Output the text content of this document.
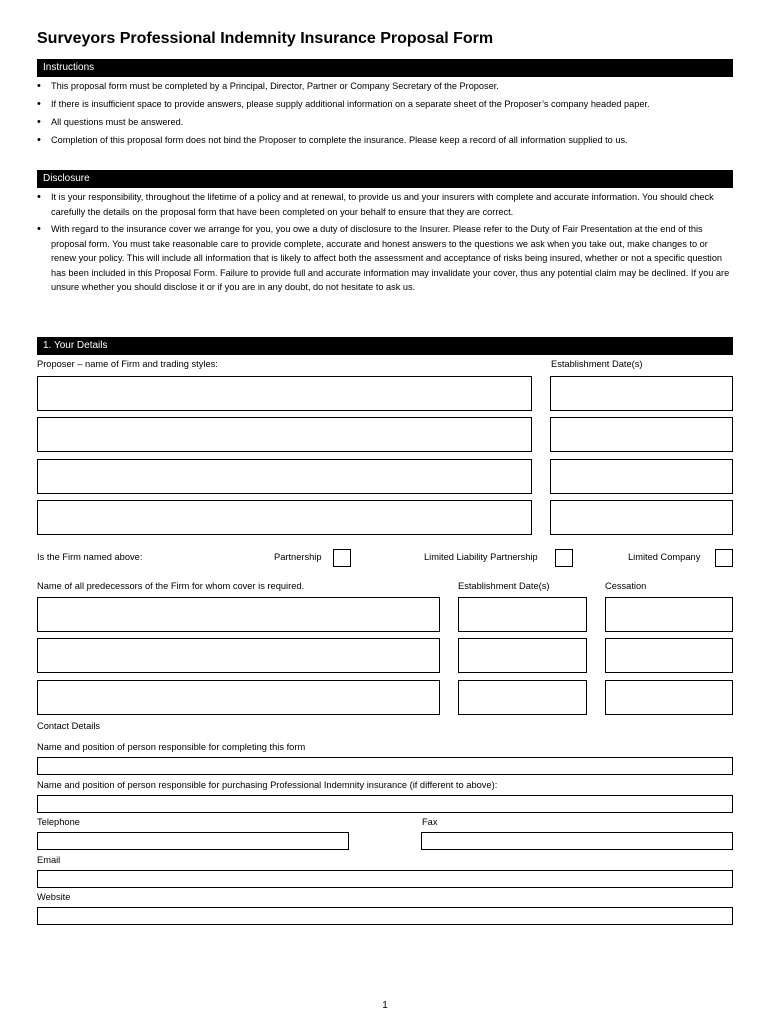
Surveyors Professional Indemnity Insurance Proposal Form
Instructions
• This proposal form must be completed by a Principal, Director, Partner or Company Secretary of the Proposer.
• If there is insufficient space to provide answers, please supply additional information on a separate sheet of the Proposer’s company headed paper.
• All questions must be answered.
• Completion of this proposal form does not bind the Proposer to complete the insurance. Please keep a record of all information supplied to us.
Disclosure
• It is your responsibility, throughout the lifetime of a policy and at renewal, to provide us and your insurers with complete and accurate information. You should check carefully the details on the proposal form that have been completed on your behalf to ensure that they are correct.
• With regard to the insurance cover we arrange for you, you owe a duty of disclosure to the Insurer. Please refer to the Duty of Fair Presentation at the end of this proposal form. You must take reasonable care to provide complete, accurate and honest answers to the questions we ask when you take out, make changes to or renew your policy. This will include all information that is likely to affect both the assessment and acceptance of risks being insured, whether or not a specific question has been included in this Proposal Form. Failure to provide full and accurate information may invalidate your cover, thus any potential claim may be declined. If you are unsure whether you should disclose it or if you are in any doubt, do not hesitate to ask us.
1. Your Details
Proposer – name of Firm and trading styles:	Establishment Date(s)
Is the Firm named above:	Partnership	Limited Liability Partnership	Limited Company
Name of all predecessors of the Firm for whom cover is required.	Establishment Date(s)	Cessation
Contact Details
Name and position of person responsible for completing this form
Name and position of person responsible for purchasing Professional Indemnity insurance (if different to above):
Telephone	Fax
Email
Website
1
